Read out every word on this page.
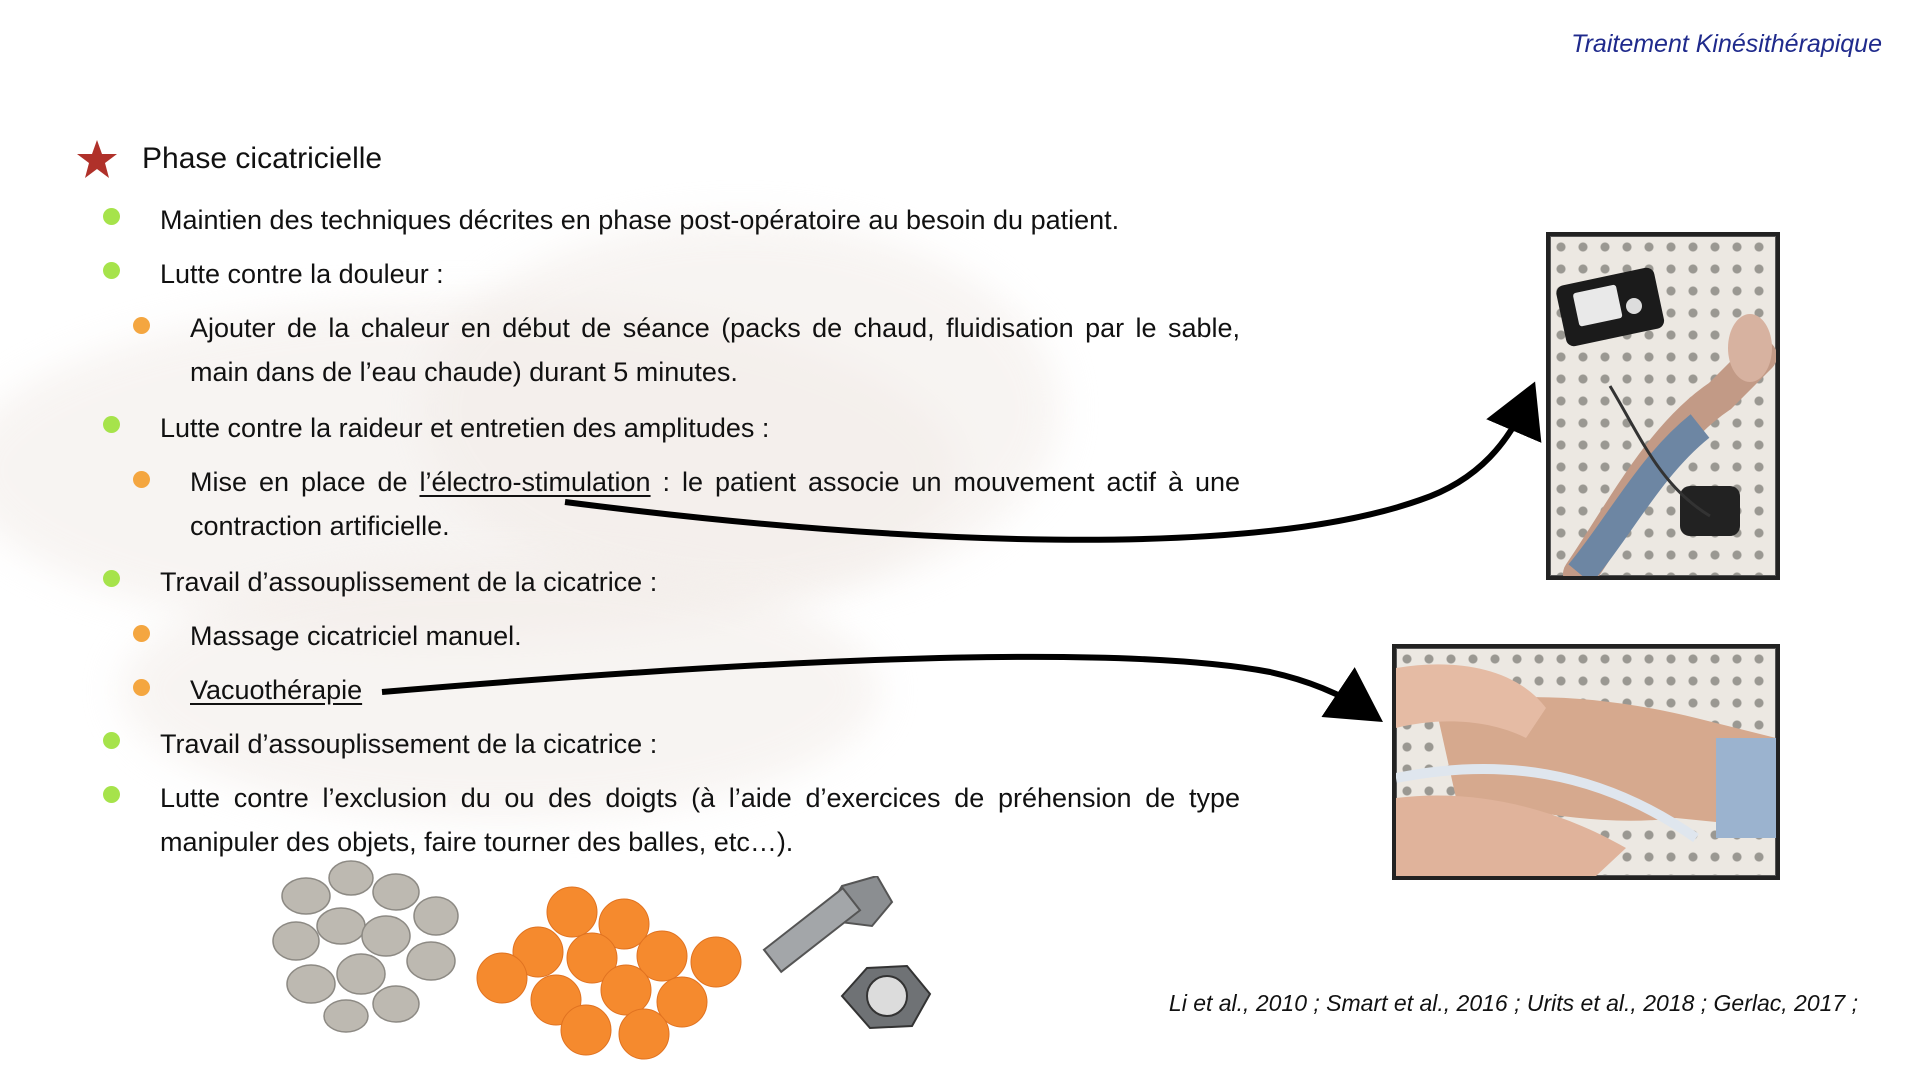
Traitement Kinésithérapique
Phase cicatricielle
Maintien des techniques décrites en phase post-opératoire au besoin du patient.
Lutte contre la douleur :
Ajouter de la chaleur en début de séance (packs de chaud, fluidisation par le sable, main dans de l’eau chaude) durant 5 minutes.
Lutte contre la raideur et entretien des amplitudes :
Mise en place de l’électro-stimulation : le patient associe un mouvement actif à une contraction artificielle.
Travail d’assouplissement de la cicatrice :
Massage cicatriciel manuel.
Vacuothérapie
Travail d’assouplissement de la cicatrice :
Lutte contre l’exclusion du ou des doigts (à l’aide d’exercices de préhension de type manipuler des objets, faire tourner des balles, etc…).
Li et al., 2010 ; Smart et al., 2016 ; Urits et al., 2018 ; Gerlac, 2017 ;
